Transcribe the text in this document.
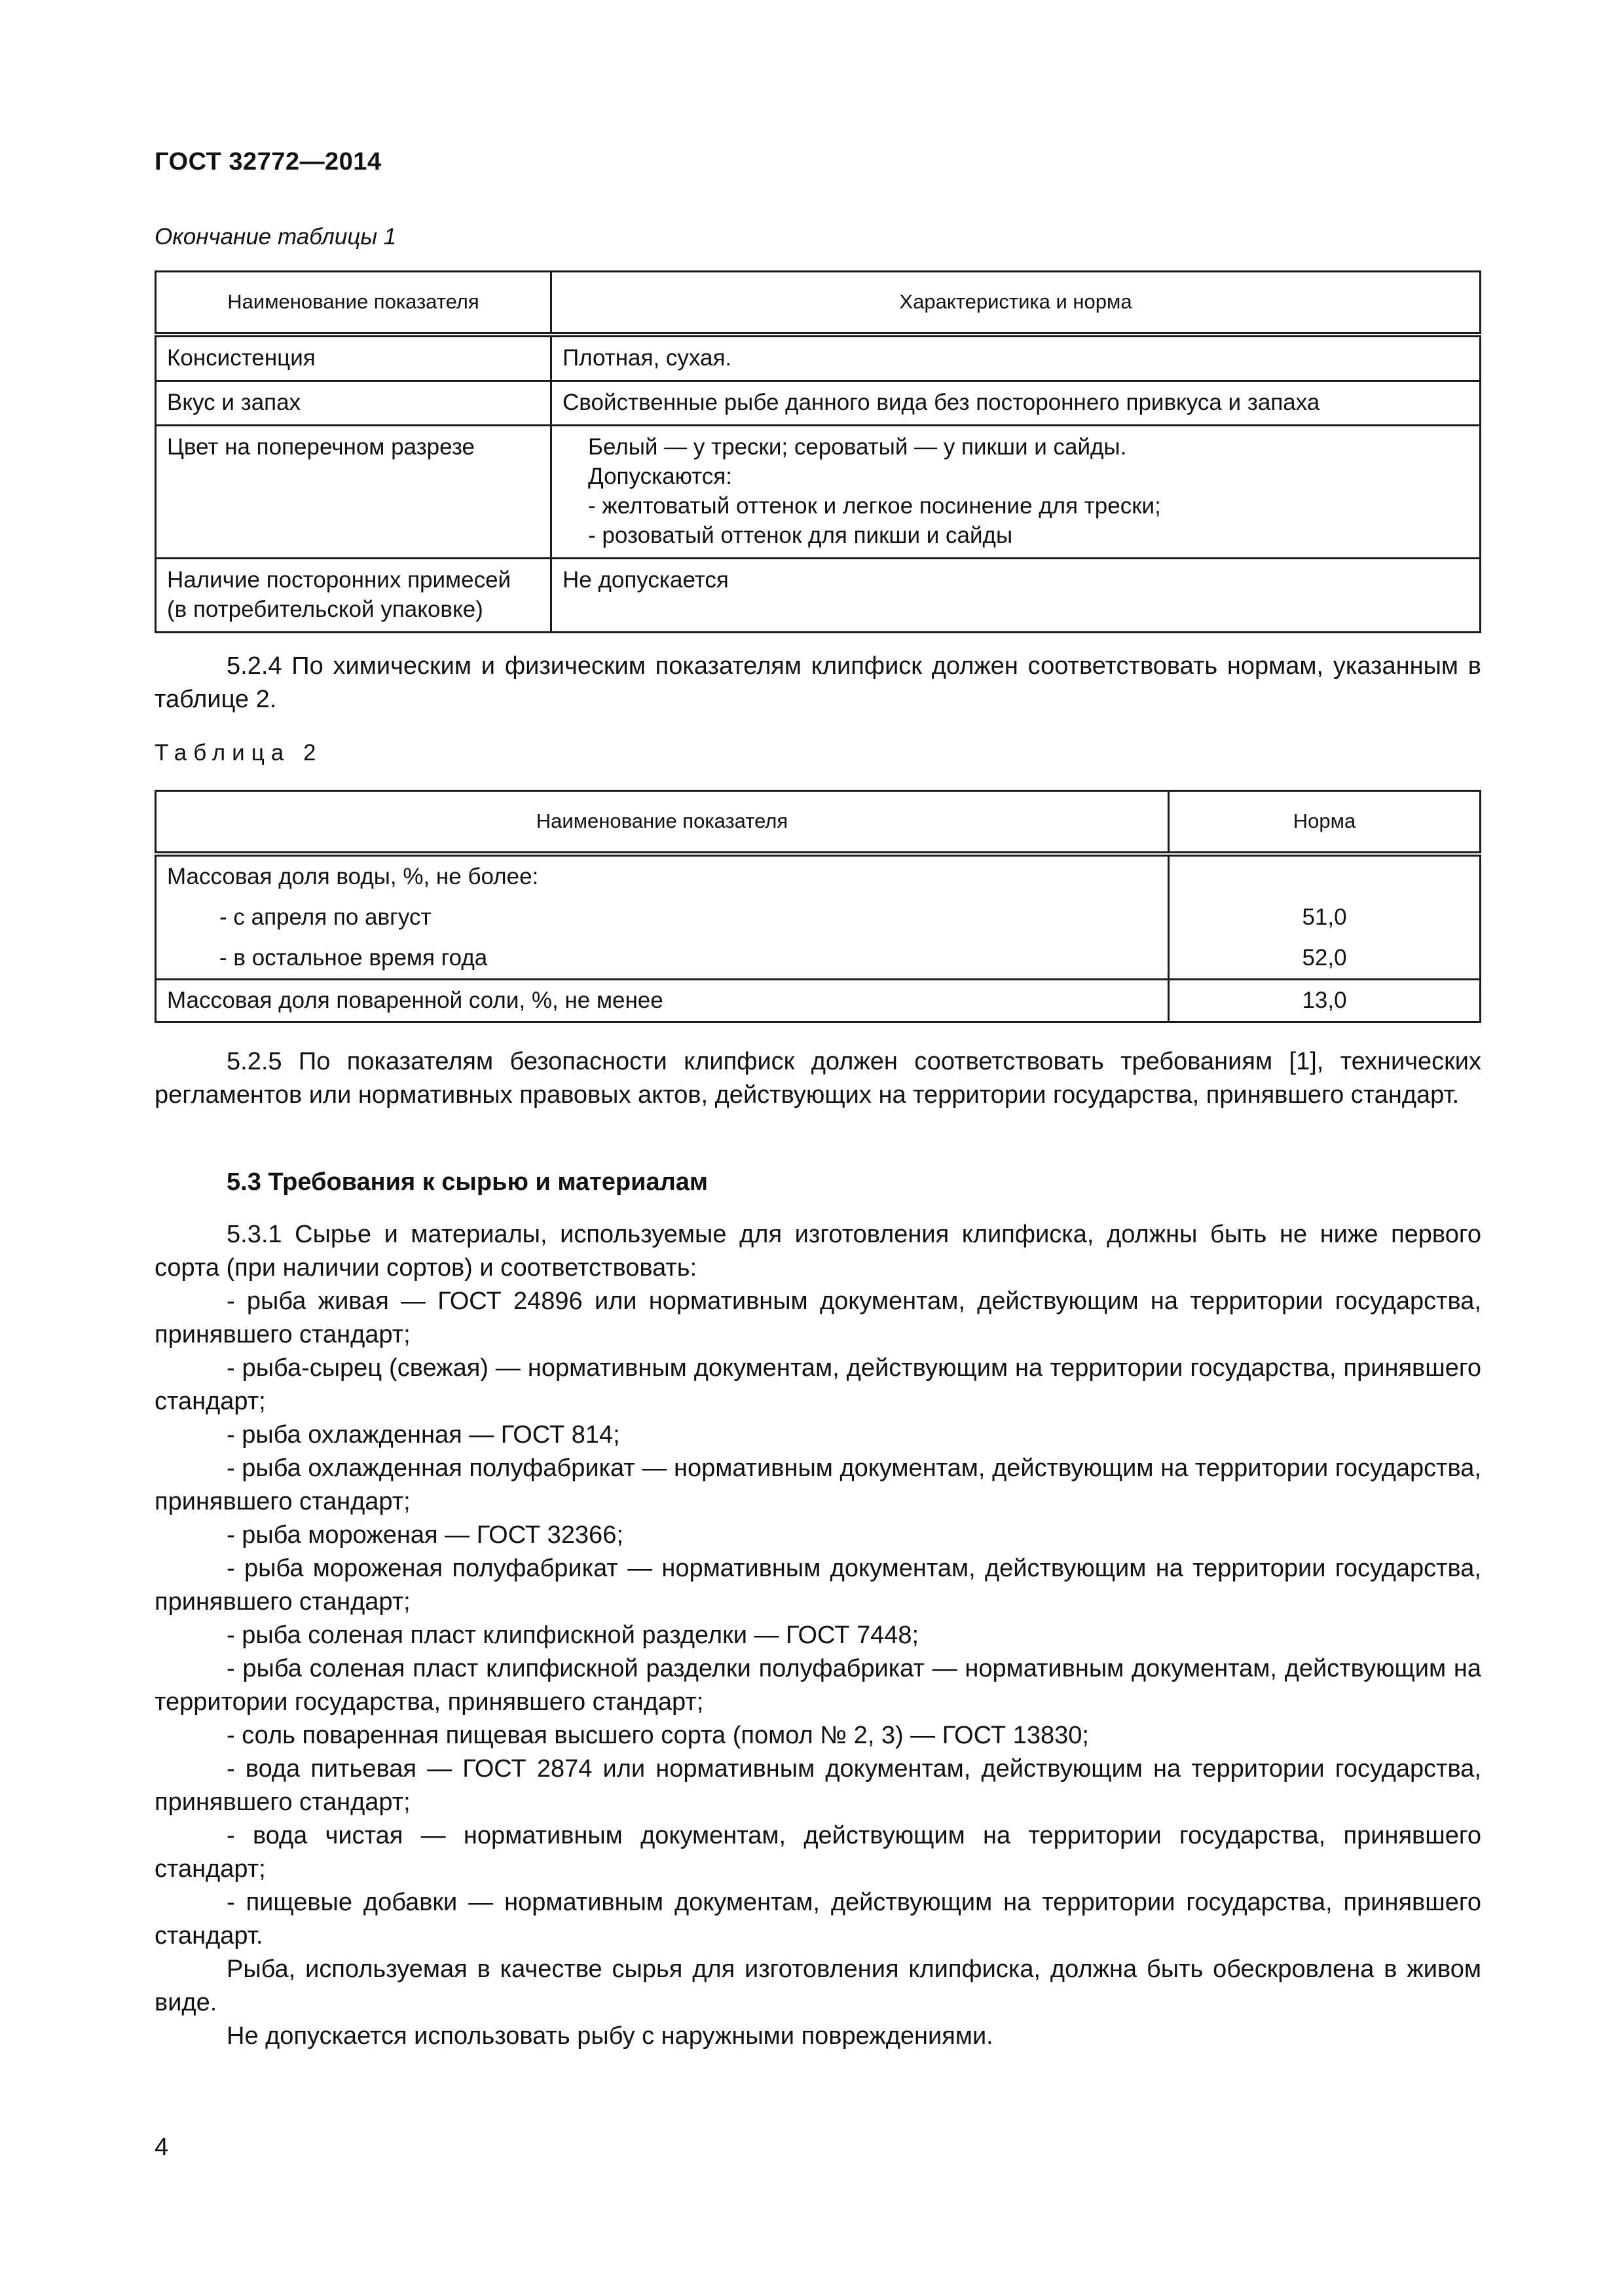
ГОСТ 32772—2014
Окончание таблицы 1
Наименование показателя	Характеристика и норма
Консистенция	Плотная, сухая.
Вкус и запах	Свойственные рыбе данного вида без постороннего привкуса и запаха
Цвет на поперечном разрезе	Белый — у трески; сероватый — у пикши и сайды.
Допускаются:
- желтоватый оттенок и легкое посинение для трески;
- розоватый оттенок для пикши и сайды

Наличие посторонних примесей
(в потребительской упаковке)	Не допускается
5.2.4 По химическим и физическим показателям клипфиск должен соответствовать нормам, указанным в таблице 2.
Таблица 2
Наименование показателя	Норма
Массовая доля воды, %, не более:	
- с апреля по август	51,0
- в остальное время года	52,0
Массовая доля поваренной соли, %, не менее	13,0
5.2.5 По показателям безопасности клипфиск должен соответствовать требованиям [1], технических регламентов или нормативных правовых актов, действующих на территории государства, принявшего стандарт.
5.3 Требования к сырью и материалам
5.3.1 Сырье и материалы, используемые для изготовления клипфиска, должны быть не ниже первого сорта (при наличии сортов) и соответствовать:
- рыба живая — ГОСТ 24896 или нормативным документам, действующим на территории государства, принявшего стандарт;
- рыба-сырец (свежая) — нормативным документам, действующим на территории государства, принявшего стандарт;
- рыба охлажденная — ГОСТ 814;
- рыба охлажденная полуфабрикат — нормативным документам, действующим на территории государства, принявшего стандарт;
- рыба мороженая — ГОСТ 32366;
- рыба мороженая полуфабрикат — нормативным документам, действующим на территории государства, принявшего стандарт;
- рыба соленая пласт клипфискной разделки — ГОСТ 7448;
- рыба соленая пласт клипфискной разделки полуфабрикат — нормативным документам, действующим на территории государства, принявшего стандарт;
- соль поваренная пищевая высшего сорта (помол № 2, 3) — ГОСТ 13830;
- вода питьевая — ГОСТ 2874 или нормативным документам, действующим на территории государства, принявшего стандарт;
- вода чистая — нормативным документам, действующим на территории государства, принявшего стандарт;
- пищевые добавки — нормативным документам, действующим на территории государства, принявшего стандарт.
Рыба, используемая в качестве сырья для изготовления клипфиска, должна быть обескровлена в живом виде.
Не допускается использовать рыбу с наружными повреждениями.
4
